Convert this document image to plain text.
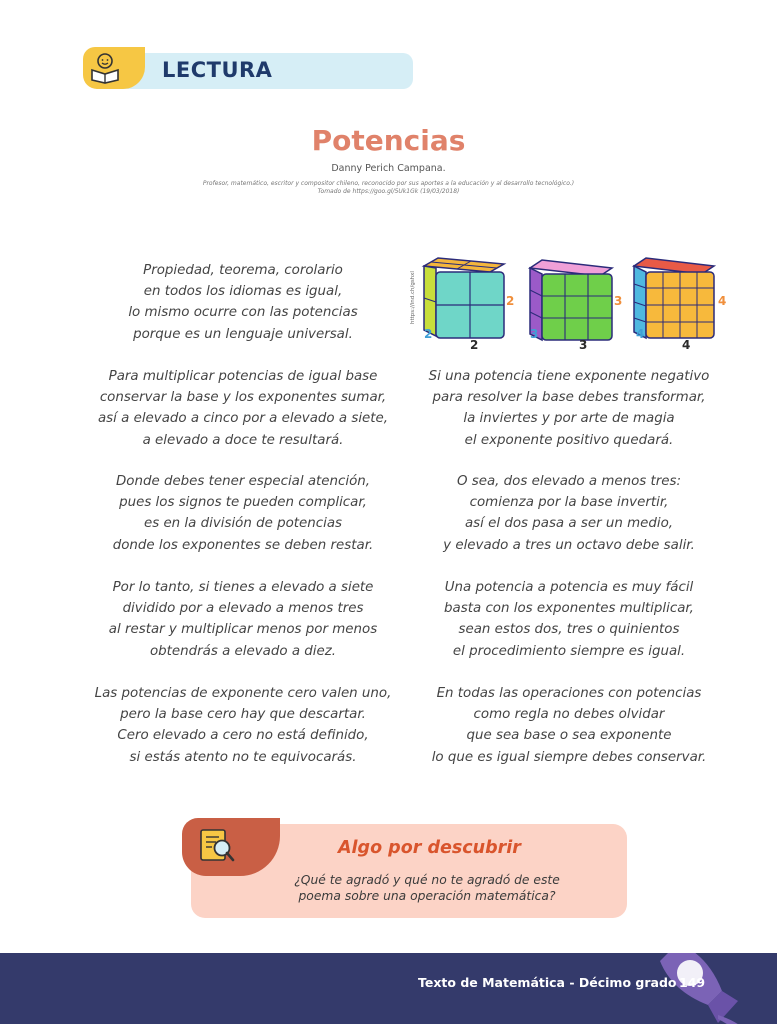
LECTURA
Potencias
Danny Perich Campana.
Profesor, matemático, escritor y compositor chileno, reconocido por sus aportes a la educación y al desarrollo tecnológico.)
Tomado de https://goo.gl/5Uk1Gk (19/03/2018)
Propiedad, teorema, corolario
en todos los idiomas es igual,
lo mismo ocurre con las potencias
porque es un lenguaje universal.
Para multiplicar potencias de igual base
conservar la base y los exponentes sumar,
así a elevado a cinco por a elevado a siete,
a elevado a doce te resultará.
Donde debes tener especial atención,
pues los signos te pueden complicar,
es en la división de potencias
donde los exponentes se deben restar.
Por lo tanto, si tienes a elevado a siete
dividido por a elevado a menos tres
al restar y multiplicar menos por menos
obtendrás a elevado a diez.
Las potencias de exponente cero valen uno,
pero la base cero hay que descartar.
Cero elevado a cero no está definido,
si estás atento no te equivocarás.
Si una potencia tiene exponente negativo
para resolver la base debes transformar,
la inviertes y por arte de magia
el exponente positivo quedará.
O sea, dos elevado a menos tres:
comienza por la base invertir,
así el dos pasa a ser un medio,
y elevado a tres un octavo debe salir.
Una potencia a potencia es muy fácil
basta con los exponentes multiplicar,
sean estos dos, tres o quinientos
el procedimiento siempre es igual.
En todas las operaciones con potencias
como regla no debes olvidar
que sea base o sea exponente
lo que es igual siempre debes conservar.
https://ind.ch/gshxl	2
2
2
3
3
3
4
4
4
Algo por descubrir
¿Qué te agradó y qué no te agradó de este
poema sobre una operación matemática?
Texto de Matemática - Décimo grado 149
